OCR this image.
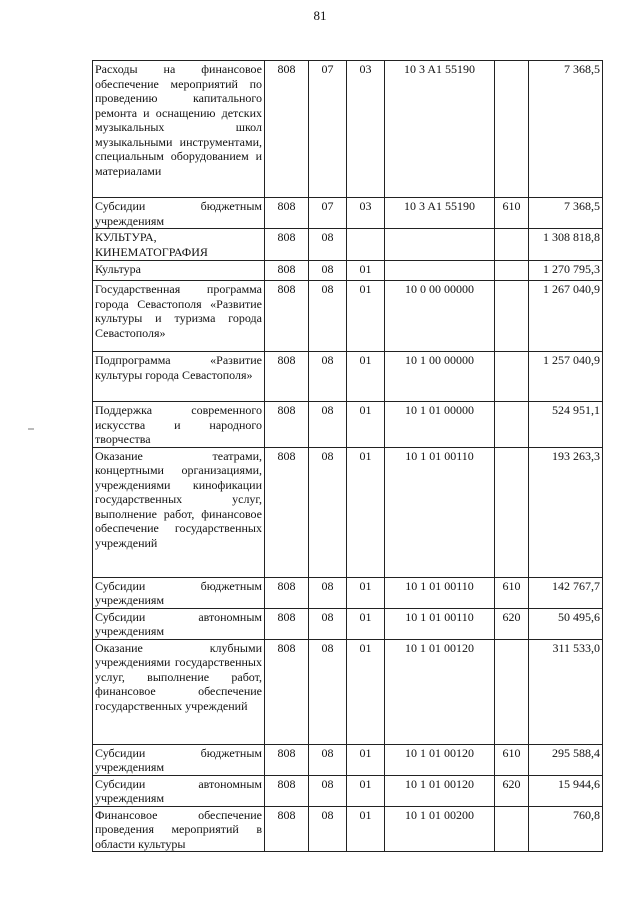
81
Расходы на финансовое обеспечение мероприятий по проведению капитального ремонта и оснащению детских музыкальных школ музыкальными инструментами, специальным оборудованием и материалами	808	07	03	10 3 A1 55190		7 368,5
Субсидии бюджетным учреждениям	808	07	03	10 3 A1 55190	610	7 368,5
КУЛЬТУРА, КИНЕМАТОГРАФИЯ	808	08				1 308 818,8
Культура	808	08	01			1 270 795,3
Государственная программа города Севастополя «Развитие культуры и туризма города Севастополя»	808	08	01	10 0 00 00000		1 267 040,9
Подпрограмма «Развитие культуры города Севастополя»	808	08	01	10 1 00 00000		1 257 040,9
Поддержка современного искусства и народного творчества	808	08	01	10 1 01 00000		524 951,1
Оказание театрами, концертными организациями, учреждениями кинофикации государственных услуг, выполнение работ, финансовое обеспечение государственных учреждений	808	08	01	10 1 01 00110		193 263,3
Субсидии бюджетным учреждениям	808	08	01	10 1 01 00110	610	142 767,7
Субсидии автономным учреждениям	808	08	01	10 1 01 00110	620	50 495,6
Оказание клубными учреждениями государственных услуг, выполнение работ, финансовое обеспечение государственных учреждений	808	08	01	10 1 01 00120		311 533,0
Субсидии бюджетным учреждениям	808	08	01	10 1 01 00120	610	295 588,4
Субсидии автономным учреждениям	808	08	01	10 1 01 00120	620	15 944,6
Финансовое обеспечение проведения мероприятий в области культуры	808	08	01	10 1 01 00200		760,8
